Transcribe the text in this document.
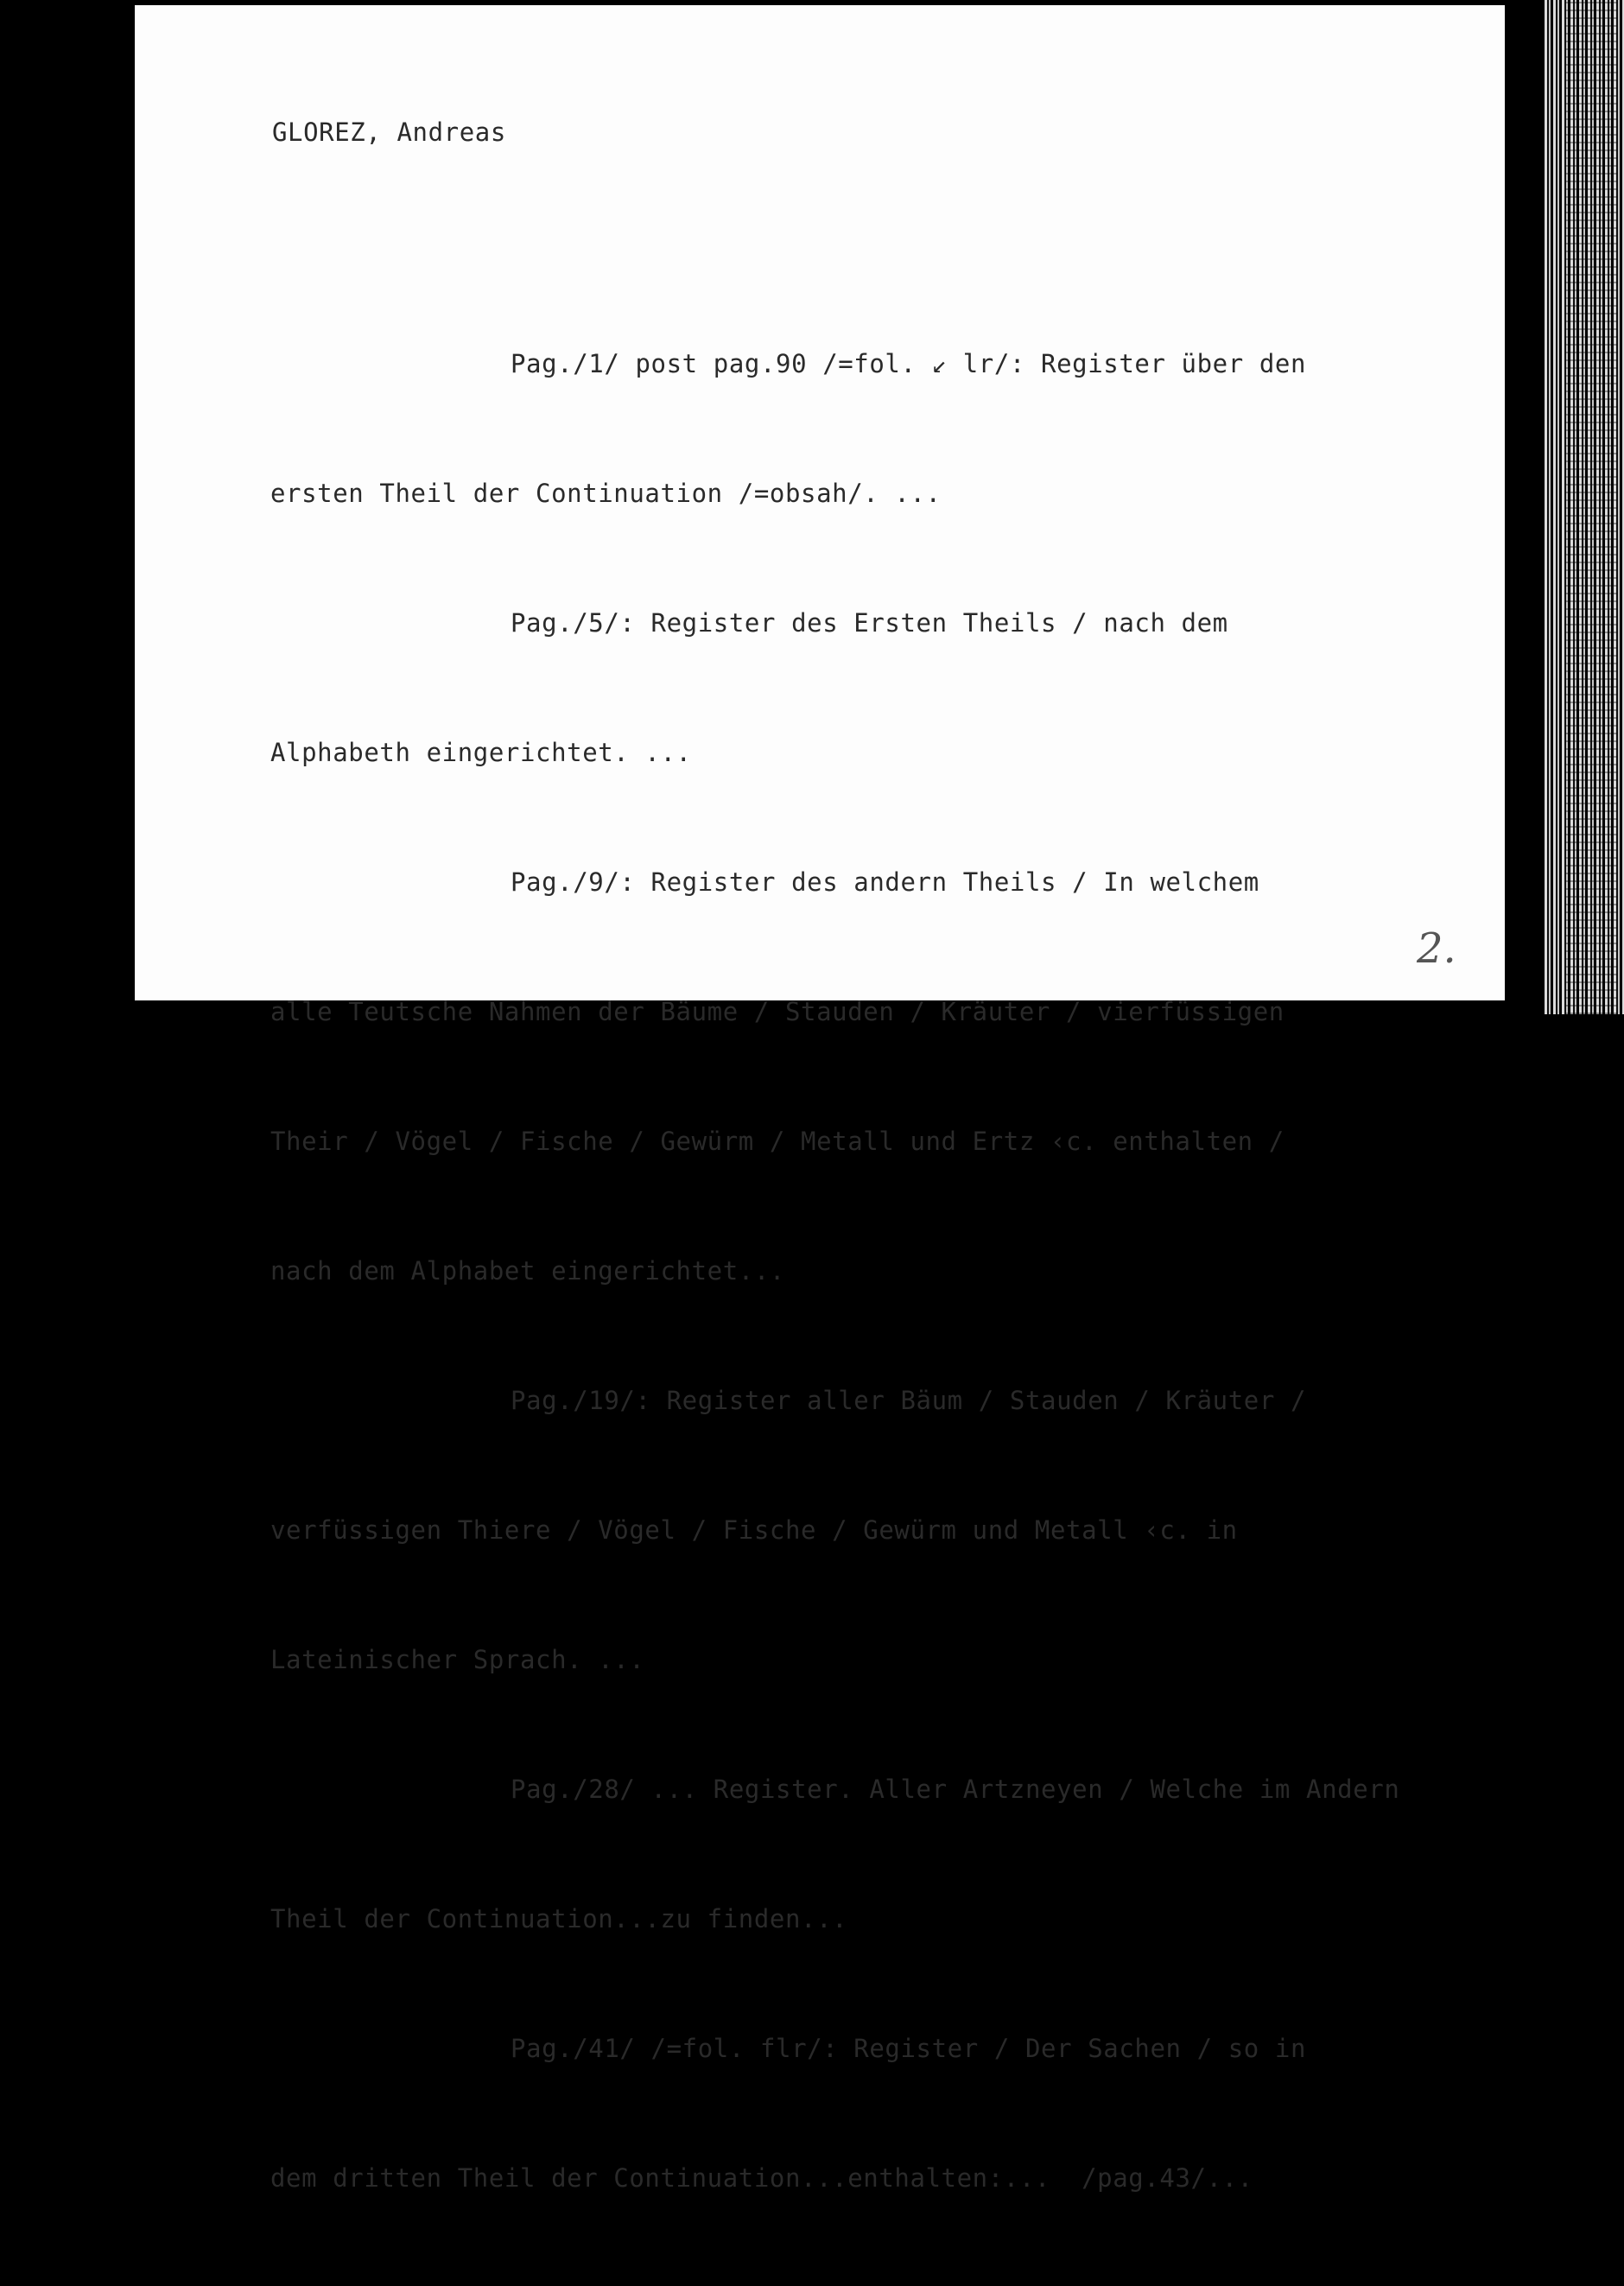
GLOREZ, Andreas

Pag./1/ post pag.90 /=fol. ↙ lr/: Register über den

ersten Theil der Continuation /=obsah/. ...

Pag./5/: Register des Ersten Theils / nach dem

Alphabeth eingerichtet. ...

Pag./9/: Register des andern Theils / In welchem

alle Teutsche Nahmen der Bäume / Stauden / Kräuter / vierfüssigen

Their / Vögel / Fische / Gewürm / Metall und Ertz ‹c. enthalten /

nach dem Alphabet eingerichtet...

Pag./19/: Register aller Bäum / Stauden / Kräuter /

verfüssigen Thiere / Vögel / Fische / Gewürm und Metall ‹c. in

Lateinischer Sprach. ...

Pag./28/ ... Register. Aller Artzneyen / Welche im Andern

Theil der Continuation...zu finden...

Pag./41/ /=fol. flr/: Register / Der Sachen / so in

dem dritten Theil der Continuation...enthalten:...  /pag.43/...

2.
